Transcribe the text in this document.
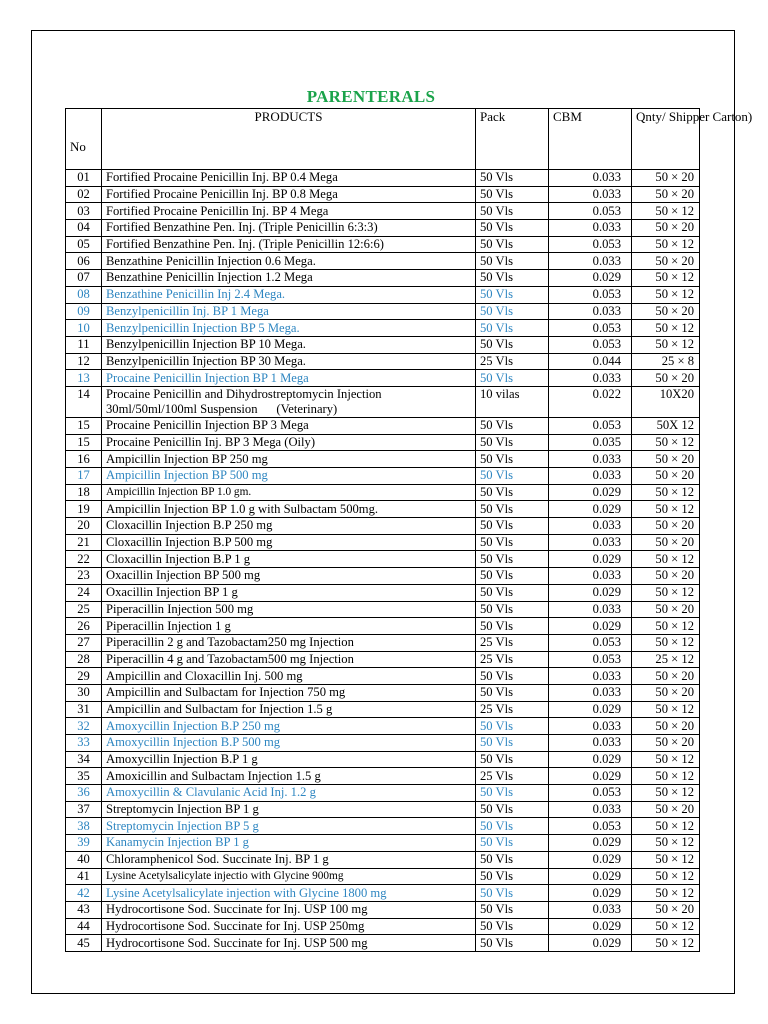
PARENTERALS
No	PRODUCTS	Pack	CBM	Qnty/ Shipper Carton)
01	Fortified Procaine Penicillin Inj. BP 0.4 Mega	50 Vls	0.033	50 × 20
02	Fortified Procaine Penicillin Inj. BP 0.8 Mega	50 Vls	0.033	50 × 20
03	Fortified Procaine Penicillin Inj. BP 4 Mega	50 Vls	0.053	50 × 12
04	Fortified Benzathine Pen. Inj. (Triple Penicillin 6:3:3)	50 Vls	0.033	50 × 20
05	Fortified Benzathine Pen. Inj. (Triple Penicillin 12:6:6)	50 Vls	0.053	50 × 12
06	Benzathine Penicillin Injection 0.6 Mega.	50 Vls	0.033	50 × 20
07	Benzathine Penicillin Injection 1.2 Mega	50 Vls	0.029	50 × 12
08	Benzathine Penicillin Inj 2.4 Mega.	50 Vls	0.053	50 × 12
09	Benzylpenicillin Inj. BP 1 Mega	50 Vls	0.033	50 × 20
10	Benzylpenicillin Injection BP 5 Mega.	50 Vls	0.053	50 × 12
11	Benzylpenicillin Injection BP 10 Mega.	50 Vls	0.053	50 × 12
12	Benzylpenicillin Injection BP 30 Mega.	25 Vls	0.044	25 × 8
13	Procaine Penicillin Injection BP 1 Mega	50 Vls	0.033	50 × 20
14	Procaine Penicillin and Dihydrostreptomycin Injection
30ml/50ml/100ml Suspension      (Veterinary)	10 vilas	0.022	10X20
15	Procaine Penicillin Injection BP 3 Mega	50 Vls	0.053	50X 12
15	Procaine Penicillin Inj. BP 3 Mega (Oily)	50 Vls	0.035	50 × 12
16	Ampicillin Injection BP 250 mg	50 Vls	0.033	50 × 20
17	Ampicillin Injection BP 500 mg	50 Vls	0.033	50 × 20
18	Ampicillin Injection BP 1.0 gm.	50 Vls	0.029	50 × 12
19	Ampicillin Injection BP 1.0 g with Sulbactam 500mg.	50 Vls	0.029	50 × 12
20	Cloxacillin Injection B.P 250 mg	50 Vls	0.033	50 × 20
21	Cloxacillin Injection B.P 500 mg	50 Vls	0.033	50 × 20
22	Cloxacillin Injection B.P 1 g	50 Vls	0.029	50 × 12
23	Oxacillin Injection BP 500 mg	50 Vls	0.033	50 × 20
24	Oxacillin Injection BP 1 g	50 Vls	0.029	50 × 12
25	Piperacillin Injection 500 mg	50 Vls	0.033	50 × 20
26	Piperacillin Injection 1 g	50 Vls	0.029	50 × 12
27	Piperacillin 2 g and Tazobactam250 mg Injection	25 Vls	0.053	50 × 12
28	Piperacillin 4 g and Tazobactam500 mg Injection	25 Vls	0.053	25 × 12
29	Ampicillin and Cloxacillin Inj. 500 mg	50 Vls	0.033	50 × 20
30	Ampicillin and Sulbactam for Injection 750 mg	50 Vls	0.033	50 × 20
31	Ampicillin and Sulbactam for Injection 1.5 g	25 Vls	0.029	50 × 12
32	Amoxycillin Injection B.P 250 mg	50 Vls	0.033	50 × 20
33	Amoxycillin Injection B.P 500 mg	50 Vls	0.033	50 × 20
34	Amoxycillin Injection B.P 1 g	50 Vls	0.029	50 × 12
35	Amoxicillin and Sulbactam Injection 1.5 g	25 Vls	0.029	50 × 12
36	Amoxycillin & Clavulanic Acid Inj. 1.2 g	50 Vls	0.053	50 × 12
37	Streptomycin Injection BP 1 g	50 Vls	0.033	50 × 20
38	Streptomycin Injection BP 5 g	50 Vls	0.053	50 × 12
39	Kanamycin Injection BP 1 g	50 Vls	0.029	50 × 12
40	Chloramphenicol Sod. Succinate Inj. BP 1 g	50 Vls	0.029	50 × 12
41	Lysine Acetylsalicylate injectio with Glycine 900mg	50 Vls	0.029	50 × 12
42	Lysine Acetylsalicylate injection with Glycine 1800 mg	50 Vls	0.029	50 × 12
43	Hydrocortisone Sod. Succinate for Inj. USP 100 mg	50 Vls	0.033	50 × 20
44	Hydrocortisone Sod. Succinate for Inj. USP 250mg	50 Vls	0.029	50 × 12
45	Hydrocortisone Sod. Succinate for Inj. USP 500 mg	50 Vls	0.029	50 × 12
